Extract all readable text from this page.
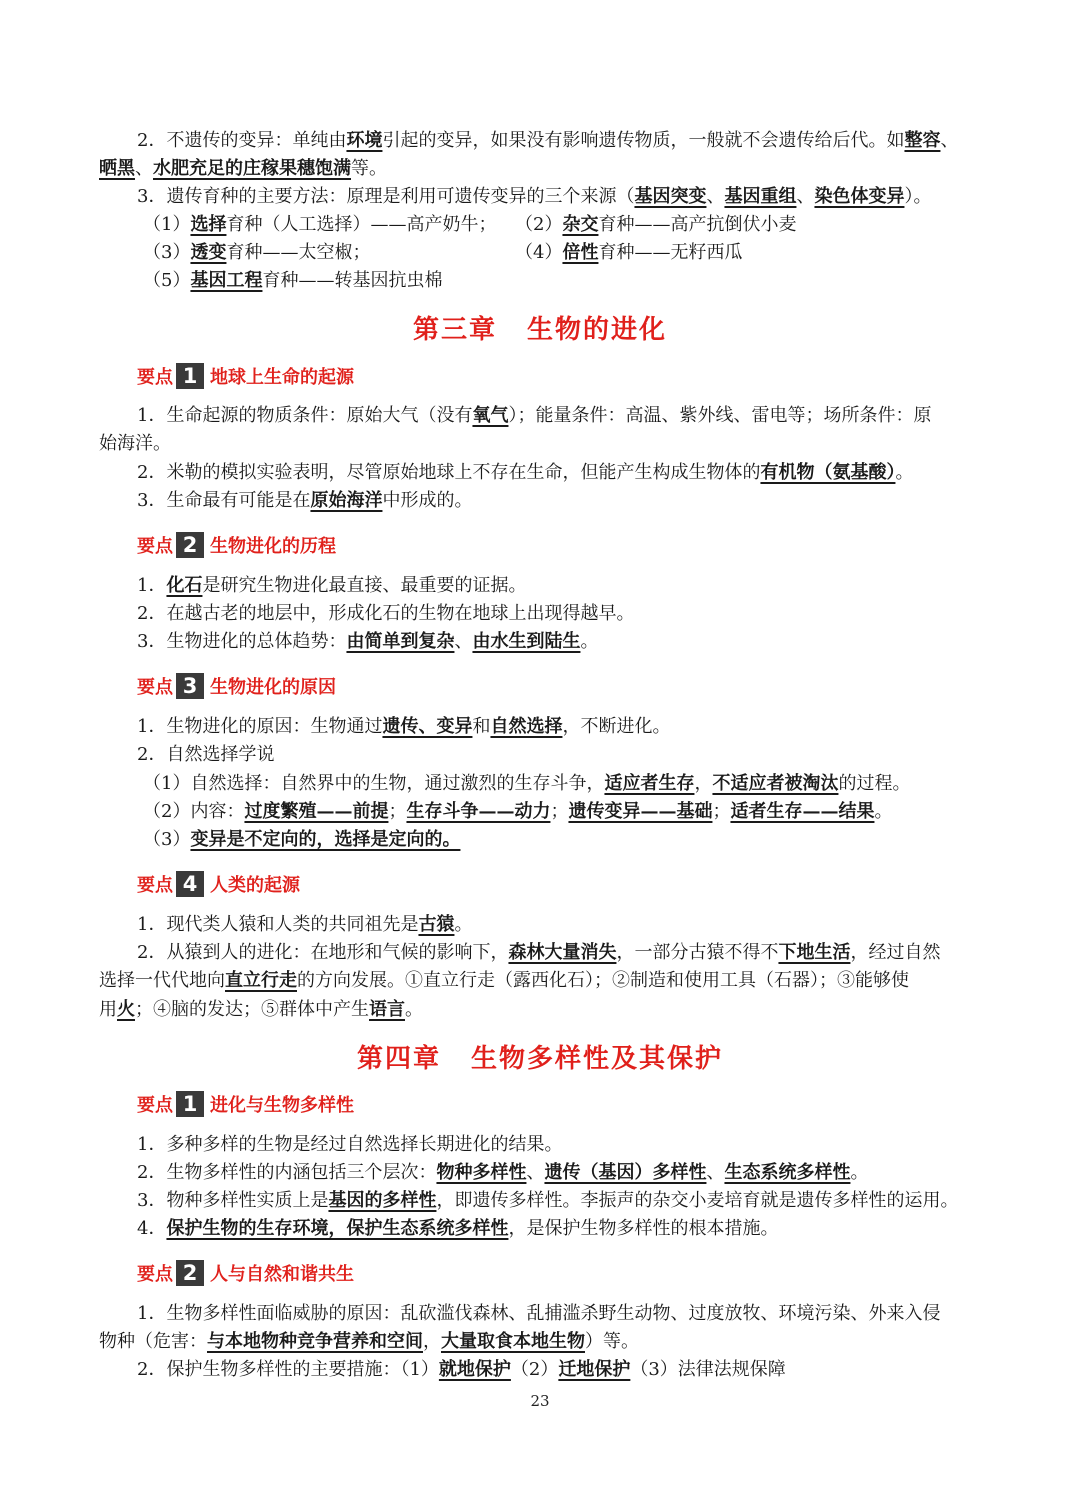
2．不遗传的变异：单纯由环境引起的变异，如果没有影响遗传物质，一般就不会遗传给后代。如整容、
晒黑、水肥充足的庄稼果穗饱满等。
3．遗传育种的主要方法：原理是利用可遗传变异的三个来源（基因突变、基因重组、染色体变异）。
（1）选择育种（人工选择）——高产奶牛； （2）杂交育种——高产抗倒伏小麦
（3）透变育种——太空椒；	（4）倍性育种——无籽西瓜
（5）基因工程育种——转基因抗虫棉
第三章 生物的进化
要点 1 地球上生命的起源
1．生命起源的物质条件：原始大气（没有氧气）；能量条件：高温、紫外线、雷电等；场所条件：原
始海洋。
2．米勒的模拟实验表明，尽管原始地球上不存在生命，但能产生构成生物体的有机物（氨基酸）。
3．生命最有可能是在原始海洋中形成的。
要点 2 生物进化的历程
1．化石是研究生物进化最直接、最重要的证据。
2．在越古老的地层中，形成化石的生物在地球上出现得越早。
3．生物进化的总体趋势：由简单到复杂、由水生到陆生。
要点 3 生物进化的原因
1．生物进化的原因：生物通过遗传、变异和自然选择，不断进化。
2．自然选择学说
（1）自然选择：自然界中的生物，通过激烈的生存斗争，适应者生存，不适应者被淘汰的过程。
（2）内容：过度繁殖——前提；生存斗争——动力；遗传变异——基础；适者生存——结果。
（3）变异是不定向的，选择是定向的。
要点 4 人类的起源
1．现代类人猿和人类的共同祖先是古猿。
2．从猿到人的进化：在地形和气候的影响下，森林大量消失，一部分古猿不得不下地生活，经过自然
选择一代代地向直立行走的方向发展。①直立行走（露西化石）；②制造和使用工具（石器）；③能够使
用火；④脑的发达；⑤群体中产生语言。
第四章 生物多样性及其保护
要点 1 进化与生物多样性
1．多种多样的生物是经过自然选择长期进化的结果。
2．生物多样性的内涵包括三个层次：物种多样性、遗传（基因）多样性、生态系统多样性。
3．物种多样性实质上是基因的多样性，即遗传多样性。李振声的杂交小麦培育就是遗传多样性的运用。
4．保护生物的生存环境，保护生态系统多样性，是保护生物多样性的根本措施。
要点 2 人与自然和谐共生
1．生物多样性面临威胁的原因：乱砍滥伐森林、乱捕滥杀野生动物、过度放牧、环境污染、外来入侵
物种（危害：与本地物种竞争营养和空间，大量取食本地生物）等。
2．保护生物多样性的主要措施：（1）就地保护（2）迁地保护（3）法律法规保障
23
